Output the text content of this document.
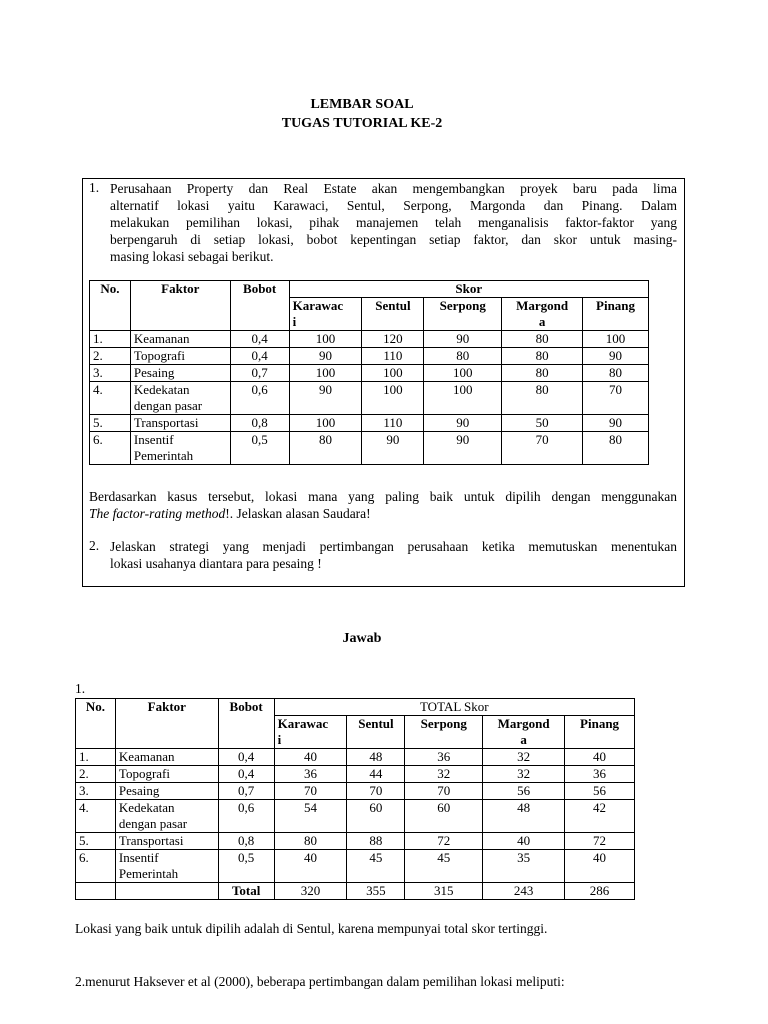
LEMBAR SOAL
TUGAS TUTORIAL KE-2
1. Perusahaan Property dan Real Estate akan mengembangkan proyek baru pada lima
alternatif lokasi yaitu Karawaci, Sentul, Serpong, Margonda dan Pinang. Dalam
melakukan pemilihan lokasi, pihak manajemen telah menganalisis faktor-faktor yang
berpengaruh di setiap lokasi, bobot kepentingan setiap faktor, dan skor untuk masing-
masing lokasi sebagai berikut.
No.	Faktor	Bobot	Skor				
			Karawac
i	Sentul	Serpong	Margond
a	Pinang
1.	Keamanan	0,4	100	120	90	80	100
2.	Topografi	0,4	90	110	80	80	90
3.	Pesaing	0,7	100	100	100	80	80
4.	Kedekatan
dengan pasar	0,6	90	100	100	80	70
5.	Transportasi	0,8	100	110	90	50	90
6.	Insentif
Pemerintah	0,5	80	90	90	70	80
Berdasarkan kasus tersebut, lokasi mana yang paling baik untuk dipilih dengan menggunakan
The factor-rating method!. Jelaskan alasan Saudara!
2. Jelaskan strategi yang menjadi pertimbangan perusahaan ketika memutuskan menentukan
lokasi usahanya diantara para pesaing !
Jawab
1.
No.	Faktor	Bobot	TOTAL Skor				
			Karawac
i	Sentul	Serpong	Margond
a	Pinang
1.	Keamanan	0,4	40	48	36	32	40
2.	Topografi	0,4	36	44	32	32	36
3.	Pesaing	0,7	70	70	70	56	56
4.	Kedekatan
dengan pasar	0,6	54	60	60	48	42
5.	Transportasi	0,8	80	88	72	40	72
6.	Insentif
Pemerintah	0,5	40	45	45	35	40
		Total	320	355	315	243	286
Lokasi yang baik untuk dipilih adalah di Sentul, karena mempunyai total skor tertinggi.
2.menurut Haksever et al (2000), beberapa pertimbangan dalam pemilihan lokasi meliputi:
